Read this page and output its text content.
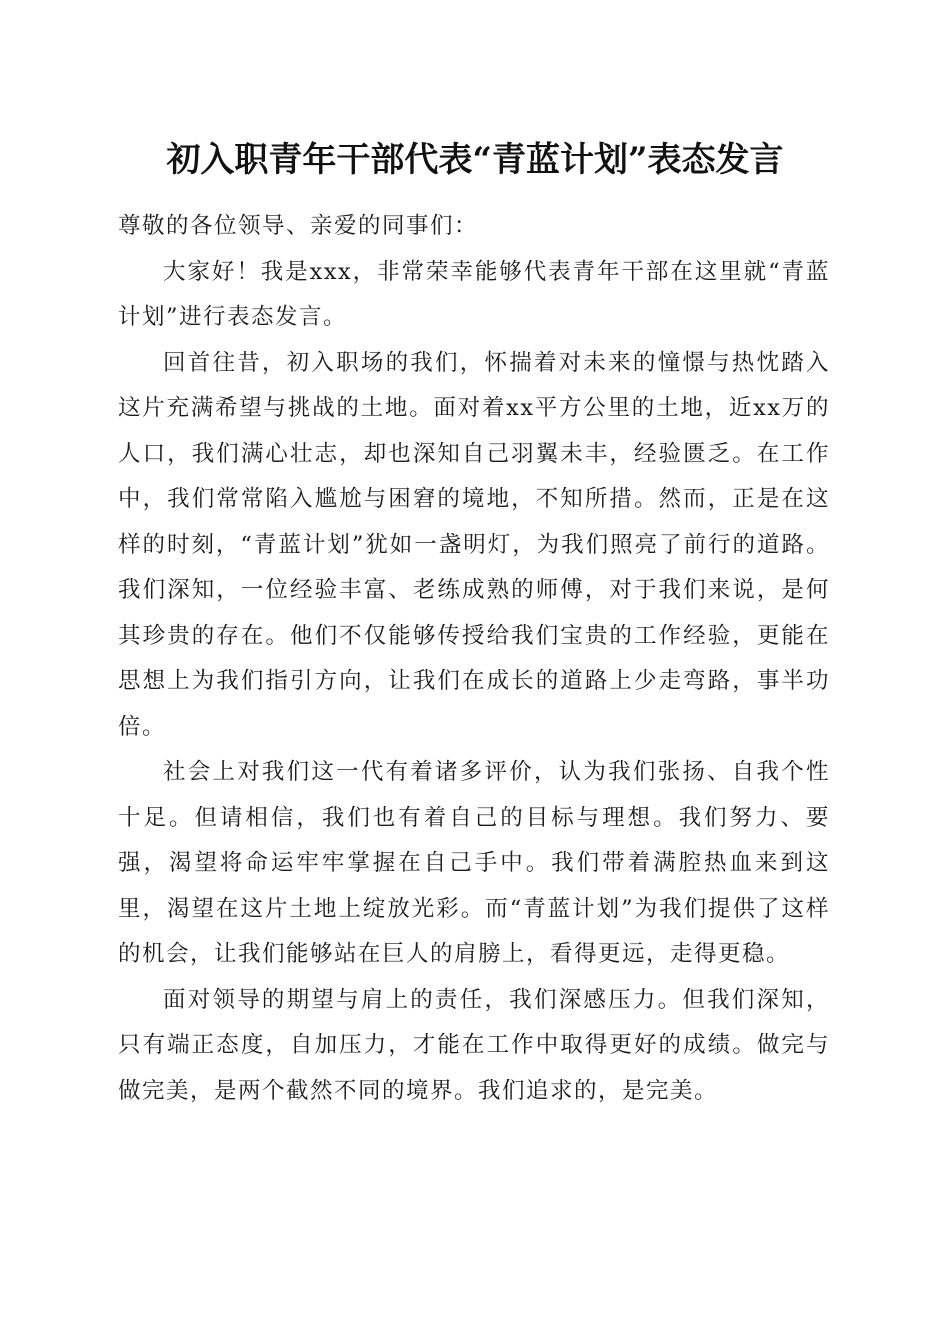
初入职青年干部代表“青蓝计划”表态发言

尊敬的各位领导、亲爱的同事们：

大家好！我是xxx，非常荣幸能够代表青年干部在这里就“青蓝计划”进行表态发言。

回首往昔，初入职场的我们，怀揣着对未来的憧憬与热忱踏入这片充满希望与挑战的土地。面对着xx平方公里的土地，近xx万的人口，我们满心壮志，却也深知自己羽翼未丰，经验匮乏。在工作中，我们常常陷入尴尬与困窘的境地，不知所措。然而，正是在这样的时刻，“青蓝计划”犹如一盏明灯，为我们照亮了前行的道路。我们深知，一位经验丰富、老练成熟的师傅，对于我们来说，是何其珍贵的存在。他们不仅能够传授给我们宝贵的工作经验，更能在思想上为我们指引方向，让我们在成长的道路上少走弯路，事半功倍。

社会上对我们这一代有着诸多评价，认为我们张扬、自我个性十足。但请相信，我们也有着自己的目标与理想。我们努力、要强，渴望将命运牢牢掌握在自己手中。我们带着满腔热血来到这里，渴望在这片土地上绽放光彩。而“青蓝计划”为我们提供了这样的机会，让我们能够站在巨人的肩膀上，看得更远，走得更稳。

面对领导的期望与肩上的责任，我们深感压力。但我们深知，只有端正态度，自加压力，才能在工作中取得更好的成绩。做完与做完美，是两个截然不同的境界。我们追求的，是完美。
